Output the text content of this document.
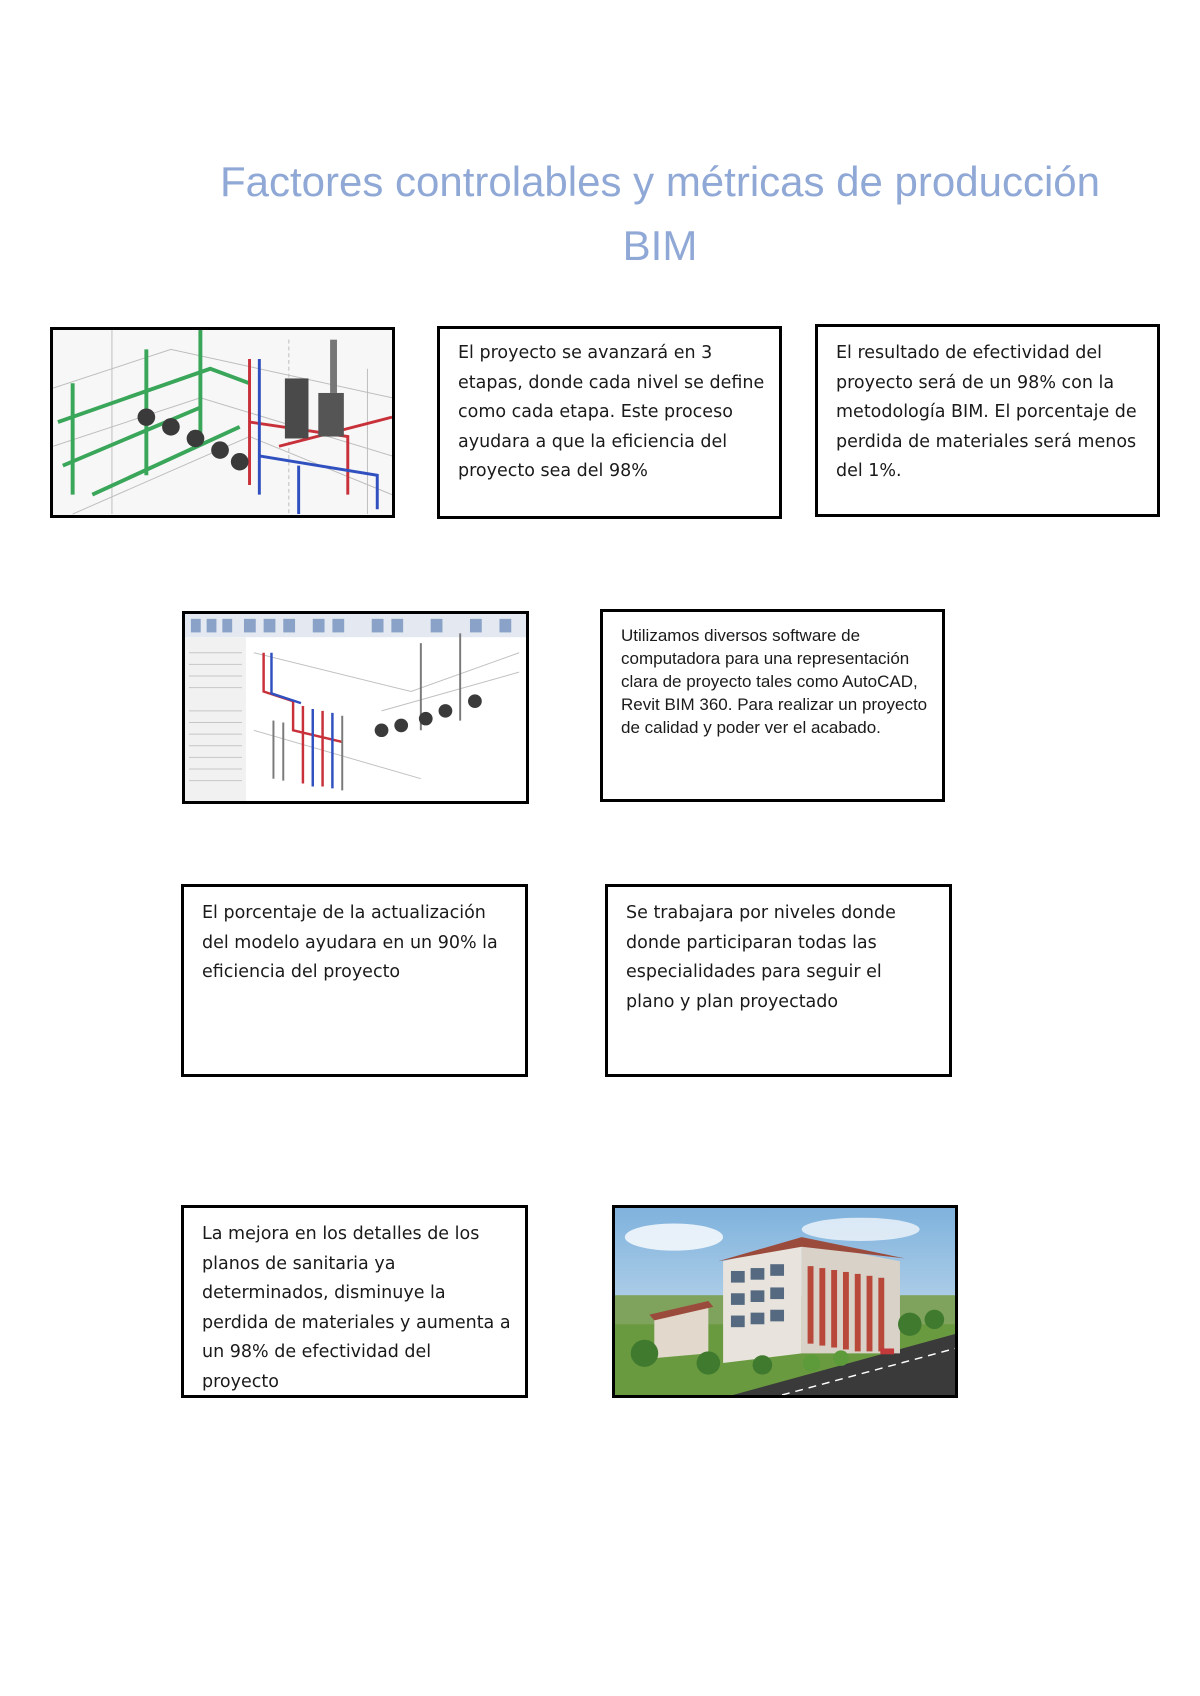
Factores controlables y métricas de producción
BIM
El proyecto se avanzará en 3 etapas, donde cada nivel se define como cada etapa. Este proceso ayudara a que la eficiencia del proyecto sea del 98%
El resultado de efectividad del proyecto será de un 98% con la metodología BIM. El porcentaje de perdida de materiales será menos del 1%.
Utilizamos diversos software de computadora para una representación clara de proyecto tales como AutoCAD, Revit BIM 360. Para realizar un proyecto de calidad y poder ver el acabado.
El porcentaje de la actualización del modelo ayudara en un 90% la eficiencia del proyecto
Se trabajara por niveles donde donde participaran todas las especialidades para seguir el plano y plan proyectado
La mejora en los detalles de los planos de sanitaria ya determinados, disminuye la perdida de materiales y aumenta a un 98% de efectividad del proyecto
